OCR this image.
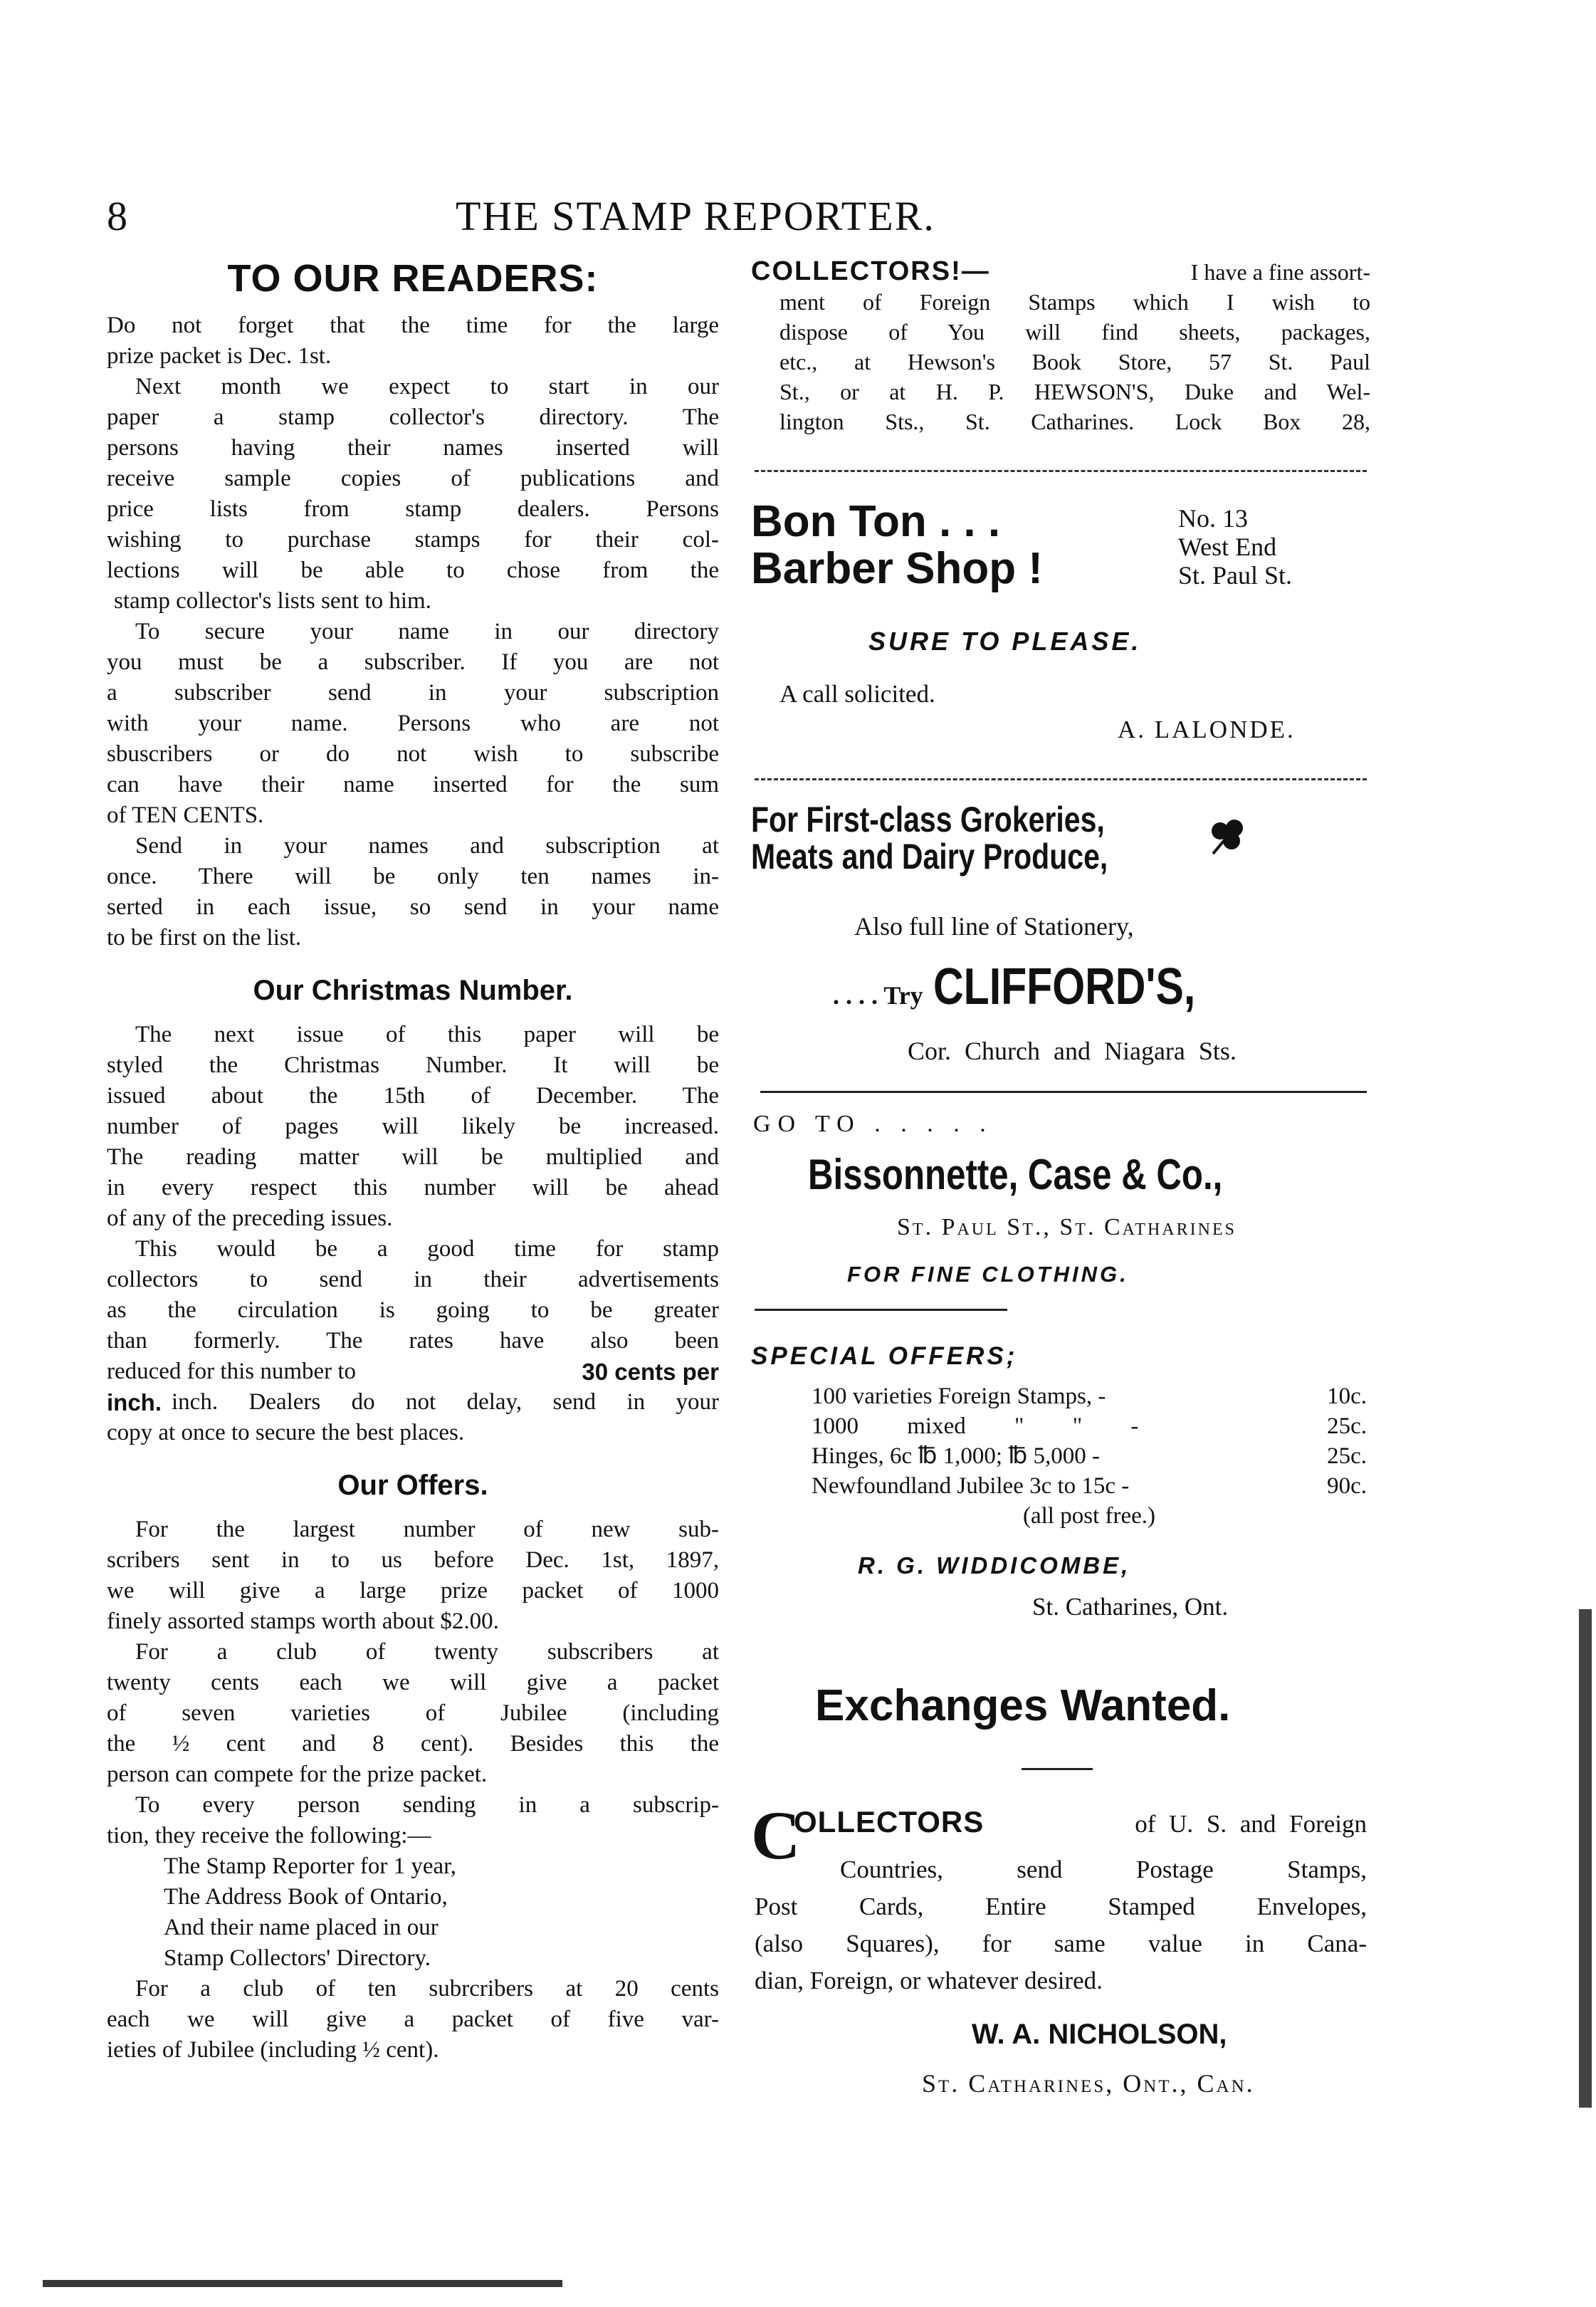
8	THE STAMP REPORTER.
TO OUR READERS:
Do not forget that the time for the large
prize packet is Dec. 1st.
Next month we expect to start in our
paper a stamp collector's directory. The
persons having their names inserted will
receive sample copies of publications and
price lists from stamp dealers. Persons
wishing to purchase stamps for their col-
lections will be able to chose from the
stamp collector's lists sent to him.
To secure your name in our directory
you must be a subscriber. If you are not
a subscriber send in your subscription
with your name. Persons who are not
sbuscribers or do not wish to subscribe
can have their name inserted for the sum
of TEN CENTS.
Send in your names and subscription at
once. There will be only ten names in-
serted in each issue, so send in your name
to be first on the list.
Our Christmas Number.
The next issue of this paper will be
styled the Christmas Number. It will be
issued about the 15th of December. The
number of pages will likely be increased.
The reading matter will be multiplied and
in every respect this number will be ahead
of any of the preceding issues.
This would be a good time for stamp
collectors to send in their advertisements
as the circulation is going to be greater
than formerly. The rates have also been
reduced for this number to	30 cents per
inch. inch. Dealers do not delay, send in your
copy at once to secure the best places.
Our Offers.
For the largest number of new sub-
scribers sent in to us before Dec. 1st, 1897,
we will give a large prize packet of 1000
finely assorted stamps worth about $2.00.
For a club of twenty subscribers at
twenty cents each we will give a packet
of seven varieties of Jubilee (including
the ½ cent and 8 cent). Besides this the
person can compete for the prize packet.
To every person sending in a subscrip-
tion, they receive the following:—
The Stamp Reporter for 1 year,
The Address Book of Ontario,
And their name placed in our
Stamp Collectors' Directory.
For a club of ten subrcribers at 20 cents
each we will give a packet of five var-
ieties of Jubilee (including ½ cent).
COLLECTORS!—	I have a fine assort-
ment of Foreign Stamps which I wish to
dispose of You will find sheets, packages,
etc., at Hewson's Book Store, 57 St. Paul
St., or at H. P. HEWSON'S, Duke and Wel-
lington Sts., St. Catharines. Lock Box 28,
Bon Ton . . .
Barber Shop !
No. 13
West End
St. Paul St.
SURE TO PLEASE.
A call solicited.
A. LALONDE.
For First-class Grokeries,
Meats and Dairy Produce,
Also full line of Stationery,
. . . . Try CLIFFORD'S,
Cor. Church and Niagara Sts.
GO TO . . . . .
Bissonnette, Case & Co.,
St. Paul St., St. Catharines
FOR FINE CLOTHING.
SPECIAL OFFERS;
100 varieties Foreign Stamps, -	10c.
1000 mixed " " -	25c.
Hinges, 6c ℔ 1,000; ℔ 5,000 -	25c.
Newfoundland Jubilee 3c to 15c -	90c.
(all post free.)
R. G. WIDDICOMBE,
St. Catharines, Ont.
Exchanges Wanted.
C
OLLECTORS	of U. S. and Foreign
Countries, send Postage Stamps,
Post Cards, Entire Stamped Envelopes,
(also Squares), for same value in Cana-
dian, Foreign, or whatever desired.
W. A. NICHOLSON,
St. Catharines, Ont., Can.
